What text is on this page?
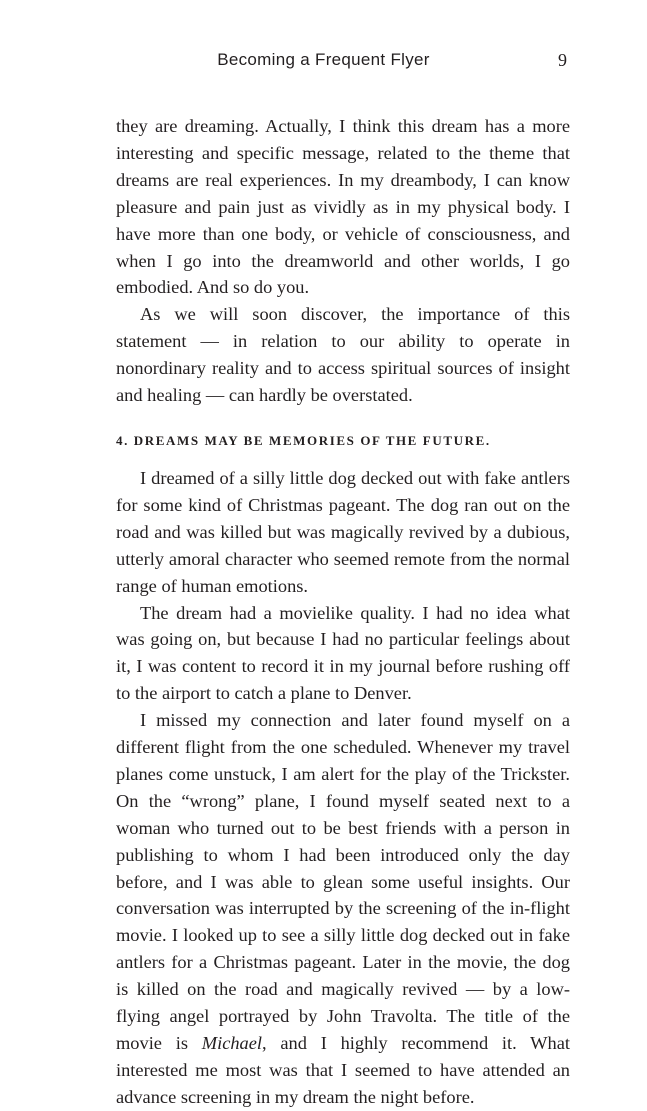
Becoming a Frequent Flyer	9

they are dreaming. Actually, I think this dream has a more interesting and specific message, related to the theme that dreams are real experiences. In my dreambody, I can know pleasure and pain just as vividly as in my physical body. I have more than one body, or vehicle of consciousness, and when I go into the dreamworld and other worlds, I go embodied. And so do you.

As we will soon discover, the importance of this statement — in relation to our ability to operate in nonordinary reality and to access spiritual sources of insight and healing — can hardly be overstated.

4. DREAMS MAY BE MEMORIES OF THE FUTURE.

I dreamed of a silly little dog decked out with fake antlers for some kind of Christmas pageant. The dog ran out on the road and was killed but was magically revived by a dubious, utterly amoral character who seemed remote from the normal range of human emotions.

The dream had a movielike quality. I had no idea what was going on, but because I had no particular feelings about it, I was content to record it in my journal before rushing off to the airport to catch a plane to Denver.

I missed my connection and later found myself on a different flight from the one scheduled. Whenever my travel planes come unstuck, I am alert for the play of the Trickster. On the “wrong” plane, I found myself seated next to a woman who turned out to be best friends with a person in publishing to whom I had been introduced only the day before, and I was able to glean some useful insights. Our conversation was interrupted by the screening of the in-flight movie. I looked up to see a silly little dog decked out in fake antlers for a Christmas pageant. Later in the movie, the dog is killed on the road and magically revived — by a low-flying angel portrayed by John Travolta. The title of the movie is Michael, and I highly recommend it. What interested me most was that I seemed to have attended an advance screening in my dream the night before.
